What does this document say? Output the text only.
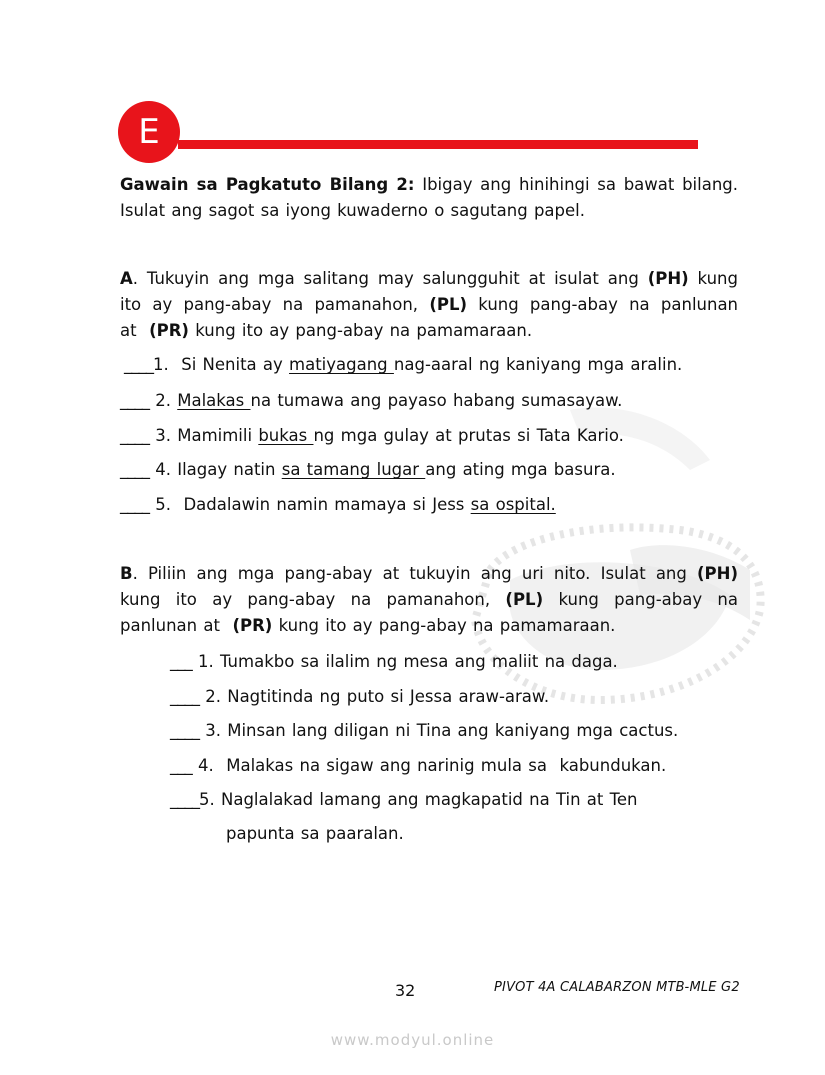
E
Gawain sa Pagkatuto Bilang 2: Ibigay ang hinihingi sa bawat bilang.
Isulat ang sagot sa iyong kuwaderno o sagutang papel.
A. Tukuyin ang mga salitang may salungguhit at isulat ang (PH) kung
ito ay pang-abay na pamanahon, (PL) kung pang-abay na panlunan
at (PR) kung ito ay pang-abay na pamamaraan.
____1.  Si Nenita ay matiyagang nag-aaral ng kaniyang mga aralin.
____ 2. Malakas na tumawa ang payaso habang sumasayaw.
____ 3. Mamimili bukas ng mga gulay at prutas si Tata Kario.
____ 4. Ilagay natin sa tamang lugar ang ating mga basura.
____ 5.  Dadalawin namin mamaya si Jess sa ospital.
B. Piliin ang mga pang-abay at tukuyin ang uri nito. Isulat ang (PH)
kung ito ay pang-abay na pamanahon, (PL) kung pang-abay na
panlunan at (PR) kung ito ay pang-abay na pamamaraan.
___ 1. Tumakbo sa ilalim ng mesa ang maliit na daga.
____ 2. Nagtitinda ng puto si Jessa araw-araw.
____ 3. Minsan lang diligan ni Tina ang kaniyang mga cactus.
___ 4.  Malakas na sigaw ang narinig mula sa  kabundukan.
____5. Naglalakad lamang ang magkapatid na Tin at Ten
papunta sa paaralan.
32	PIVOT 4A CALABARZON MTB-MLE G2
www.modyul.online
